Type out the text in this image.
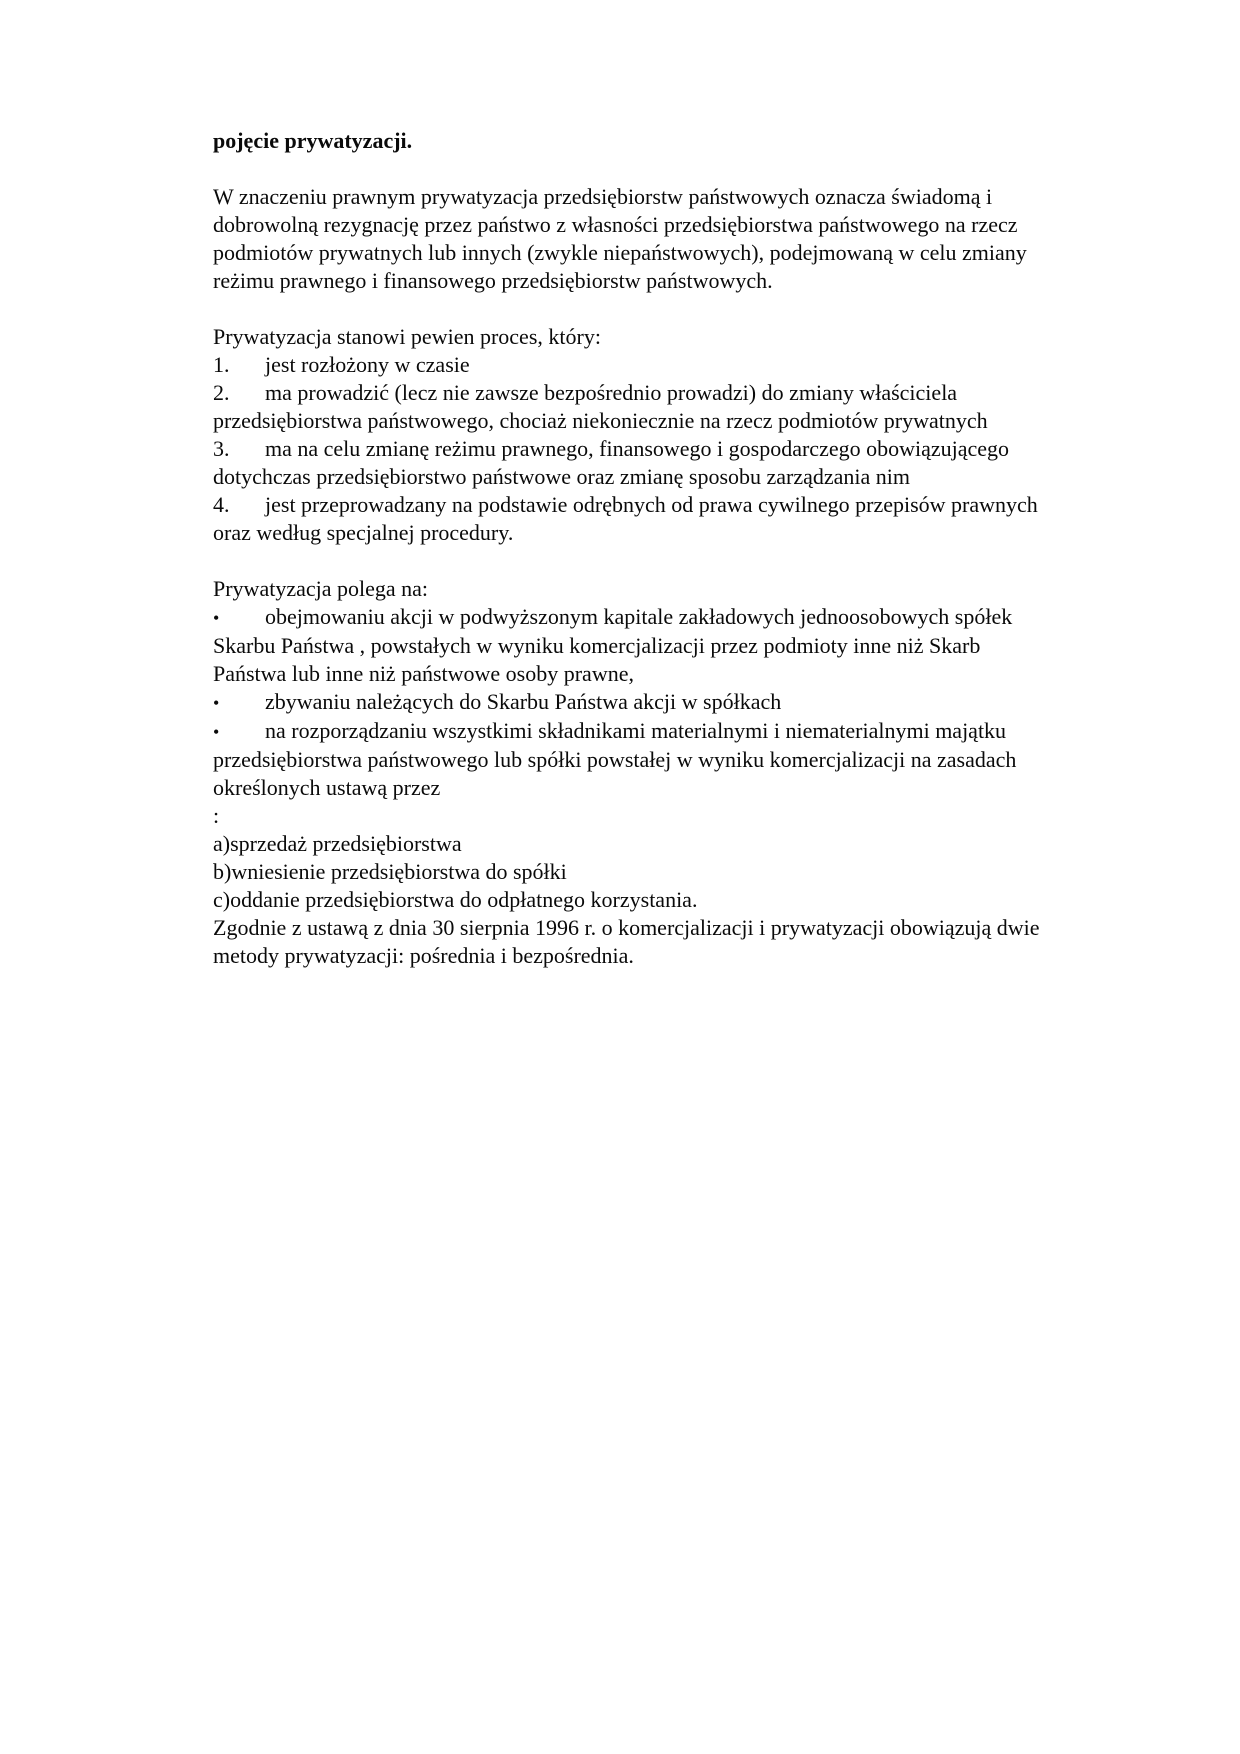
pojęcie prywatyzacji.

W znaczeniu prawnym prywatyzacja przedsiębiorstw państwowych oznacza świadomą i dobrowolną rezygnację przez państwo z własności przedsiębiorstwa państwowego na rzecz podmiotów prywatnych lub innych (zwykle niepaństwowych), podejmowaną w celu zmiany reżimu prawnego i finansowego przedsiębiorstw państwowych.

Prywatyzacja stanowi pewien proces, który:

1. jest rozłożony w czasie

2. ma prowadzić (lecz nie zawsze bezpośrednio prowadzi) do zmiany właściciela przedsiębiorstwa państwowego, chociaż niekoniecznie na rzecz podmiotów prywatnych

3. ma na celu zmianę reżimu prawnego, finansowego i gospodarczego obowiązującego dotychczas przedsiębiorstwo państwowe oraz zmianę sposobu zarządzania nim

4. jest przeprowadzany na podstawie odrębnych od prawa cywilnego przepisów prawnych oraz według specjalnej procedury.

Prywatyzacja polega na:

• obejmowaniu akcji w podwyższonym kapitale zakładowych jednoosobowych spółek Skarbu Państwa , powstałych w wyniku komercjalizacji przez podmioty inne niż Skarb Państwa lub inne niż państwowe osoby prawne,

• zbywaniu należących do Skarbu Państwa akcji w spółkach

• na rozporządzaniu wszystkimi składnikami materialnymi i niematerialnymi majątku przedsiębiorstwa państwowego lub spółki powstałej w wyniku komercjalizacji na zasadach określonych ustawą przez

:

a)sprzedaż przedsiębiorstwa

b)wniesienie przedsiębiorstwa do spółki

c)oddanie przedsiębiorstwa do odpłatnego korzystania.

Zgodnie z ustawą z dnia 30 sierpnia 1996 r. o komercjalizacji i prywatyzacji obowiązują dwie metody prywatyzacji: pośrednia i bezpośrednia.
